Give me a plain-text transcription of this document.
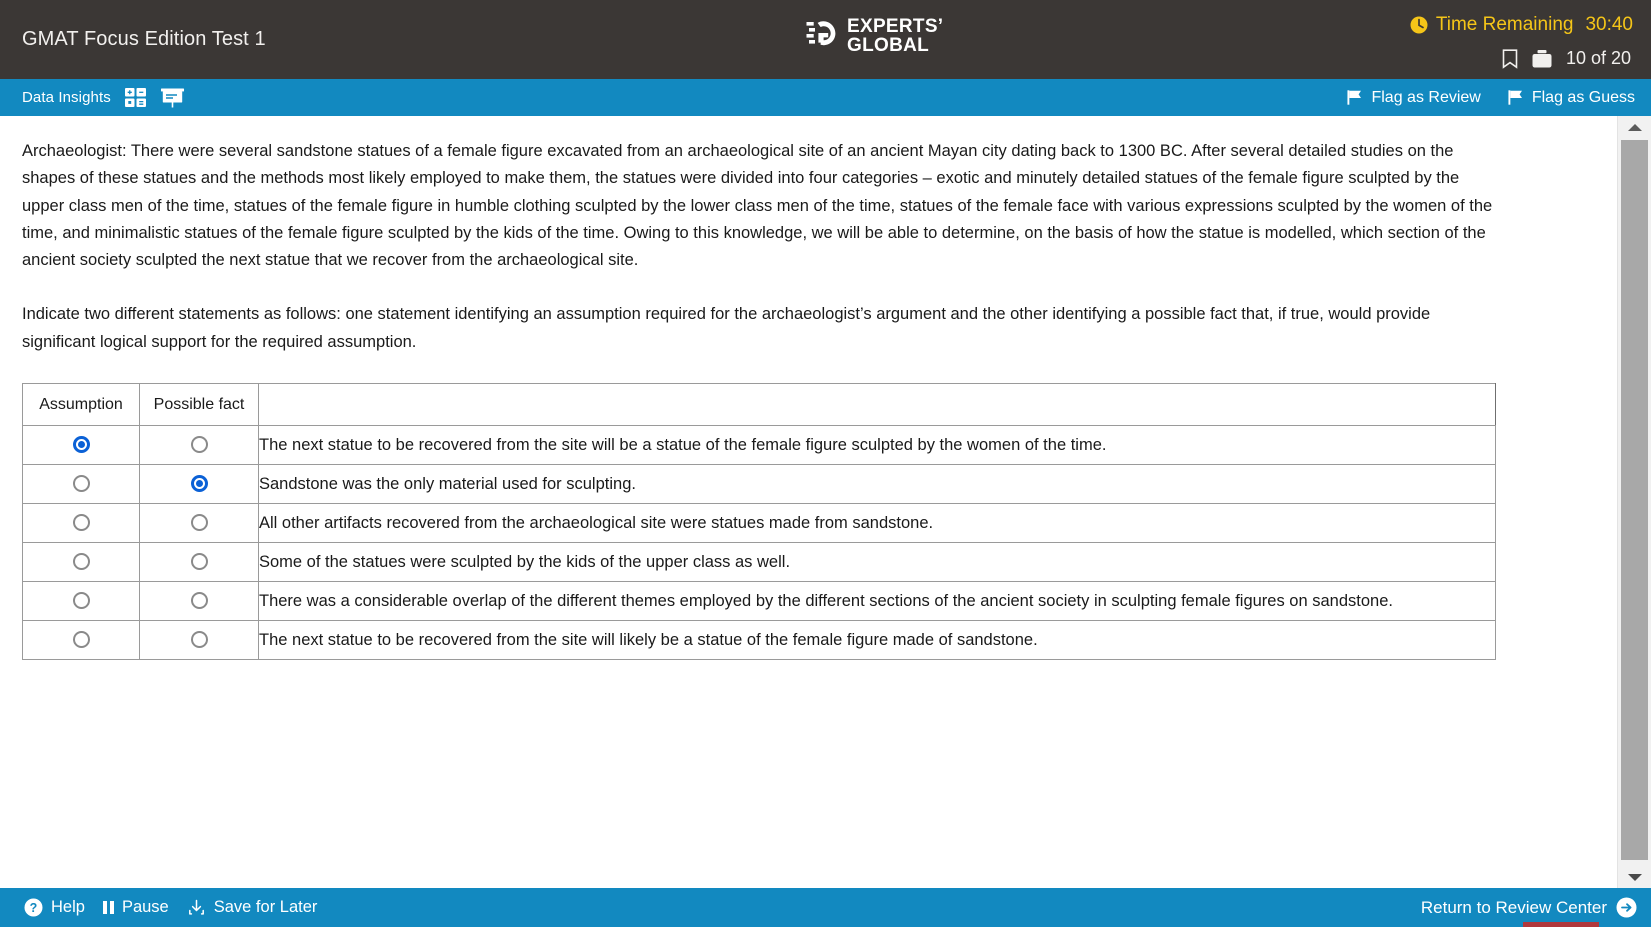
GMAT Focus Edition Test 1
EXPERTS’
GLOBAL
Time Remaining 30:40
10 of 20
Data Insights	Flag as Review	Flag as Guess

Archaeologist: There were several sandstone statues of a female figure excavated from an archaeological site of an ancient Mayan city dating back to 1300 BC. After several detailed studies on the shapes of these statues and the methods most likely employed to make them, the statues were divided into four categories – exotic and minutely detailed statues of the female figure sculpted by the upper class men of the time, statues of the female figure in humble clothing sculpted by the lower class men of the time, statues of the female face with various expressions sculpted by the women of the time, and minimalistic statues of the female figure sculpted by the kids of the time. Owing to this knowledge, we will be able to determine, on the basis of how the statue is modelled, which section of the ancient society sculpted the next statue that we recover from the archaeological site.

Indicate two different statements as follows: one statement identifying an assumption required for the archaeologist’s argument and the other identifying a possible fact that, if true, would provide significant logical support for the required assumption.

Assumption	Possible fact	
		The next statue to be recovered from the site will be a statue of the female figure sculpted by the women of the time.
		Sandstone was the only material used for sculpting.
		All other artifacts recovered from the archaeological site were statues made from sandstone.
		Some of the statues were sculpted by the kids of the upper class as well.
		There was a considerable overlap of the different themes employed by the different sections of the ancient society in sculpting female figures on sandstone.
		The next statue to be recovered from the site will likely be a statue of the female figure made of sandstone.
? Help Pause	Save for Later	Return to Review Center
